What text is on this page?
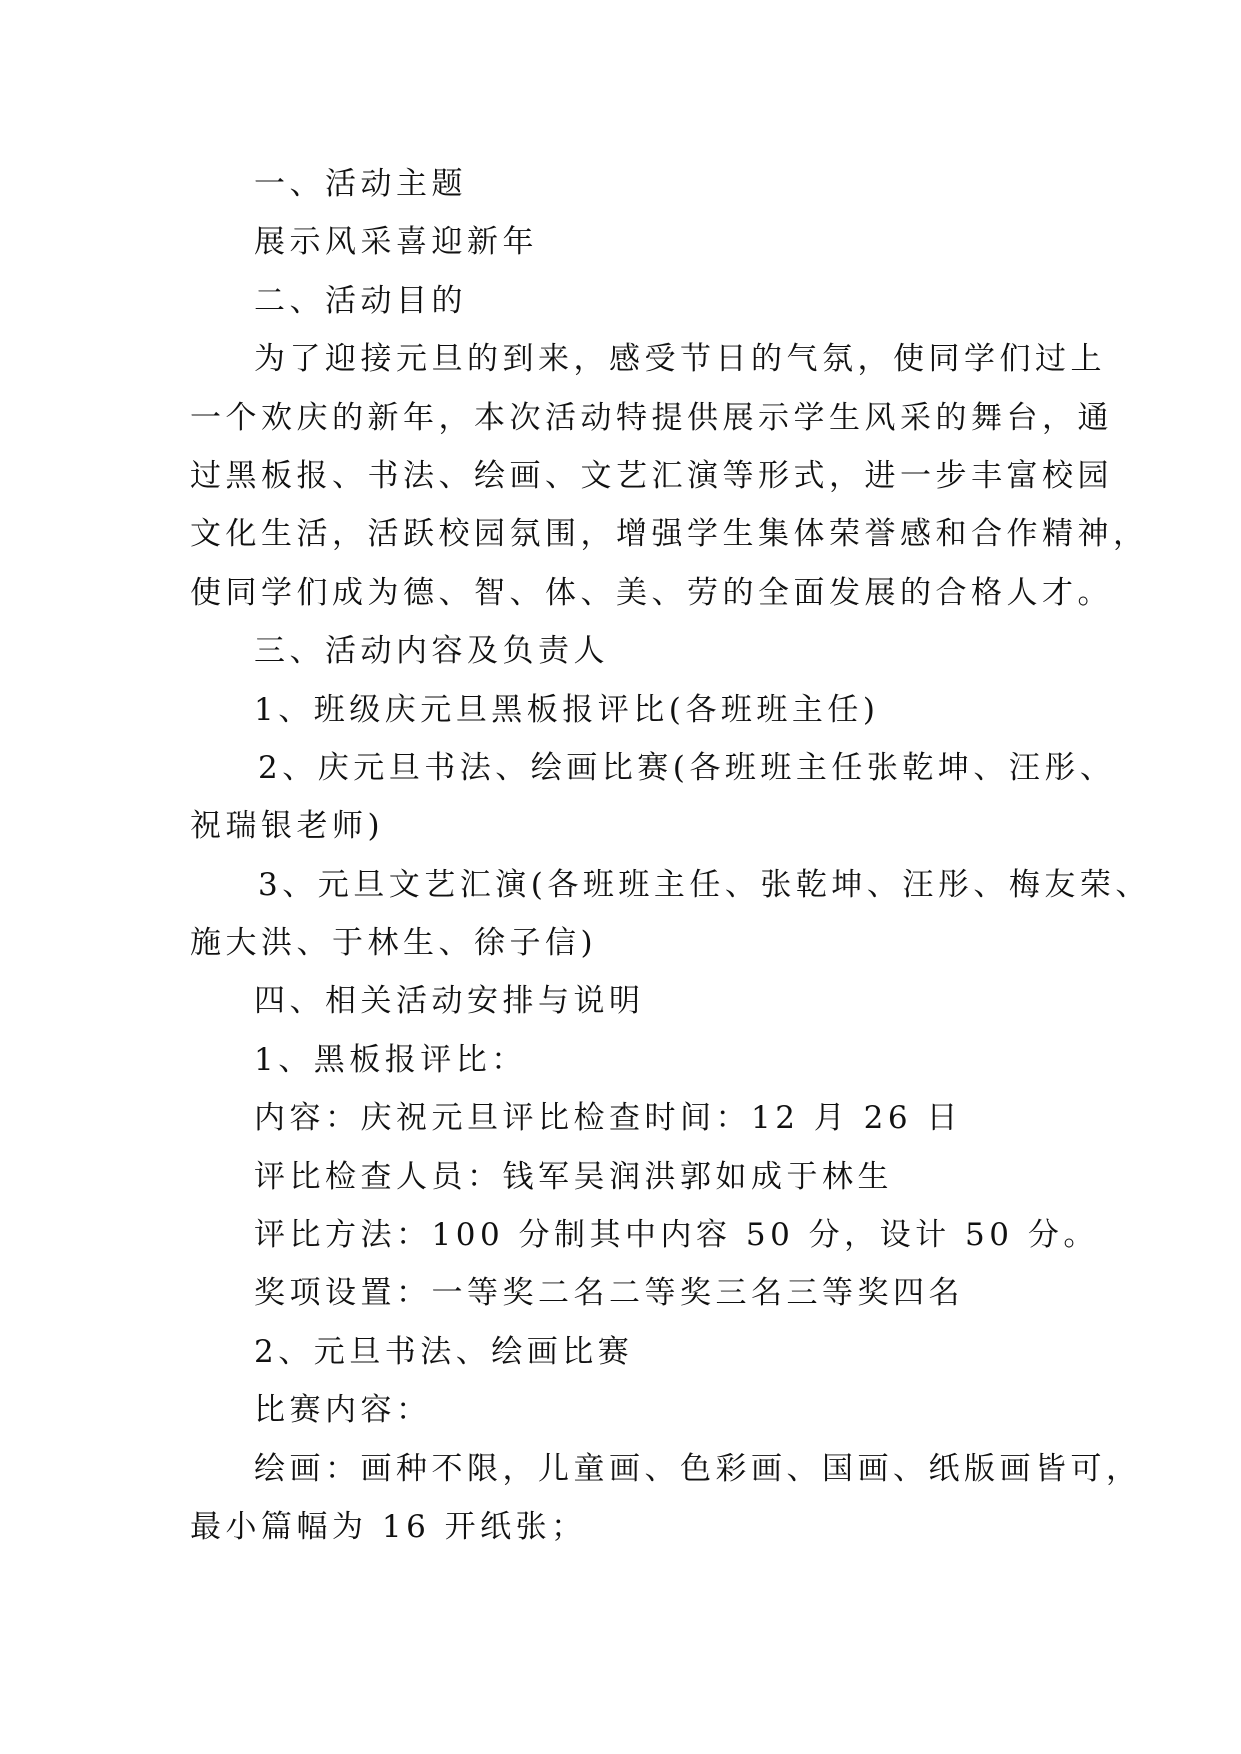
一、活动主题
展示风采喜迎新年
二、活动目的
为了迎接元旦的到来，感受节日的气氛，使同学们过上
一个欢庆的新年，本次活动特提供展示学生风采的舞台，通
过黑板报、书法、绘画、文艺汇演等形式，进一步丰富校园
文化生活，活跃校园氛围，增强学生集体荣誉感和合作精神，
使同学们成为德、智、体、美、劳的全面发展的合格人才。
三、活动内容及负责人
1、班级庆元旦黑板报评比(各班班主任)
2、庆元旦书法、绘画比赛(各班班主任张乾坤、汪彤、
祝瑞银老师)
3、元旦文艺汇演(各班班主任、张乾坤、汪彤、梅友荣、
施大洪、于林生、徐子信)
四、相关活动安排与说明
1、黑板报评比：
内容：庆祝元旦评比检查时间：12 月 26 日
评比检查人员：钱军吴润洪郭如成于林生
评比方法：100 分制其中内容 50 分，设计 50 分。
奖项设置：一等奖二名二等奖三名三等奖四名
2、元旦书法、绘画比赛
比赛内容：
绘画：画种不限，儿童画、色彩画、国画、纸版画皆可，
最小篇幅为 16 开纸张；
